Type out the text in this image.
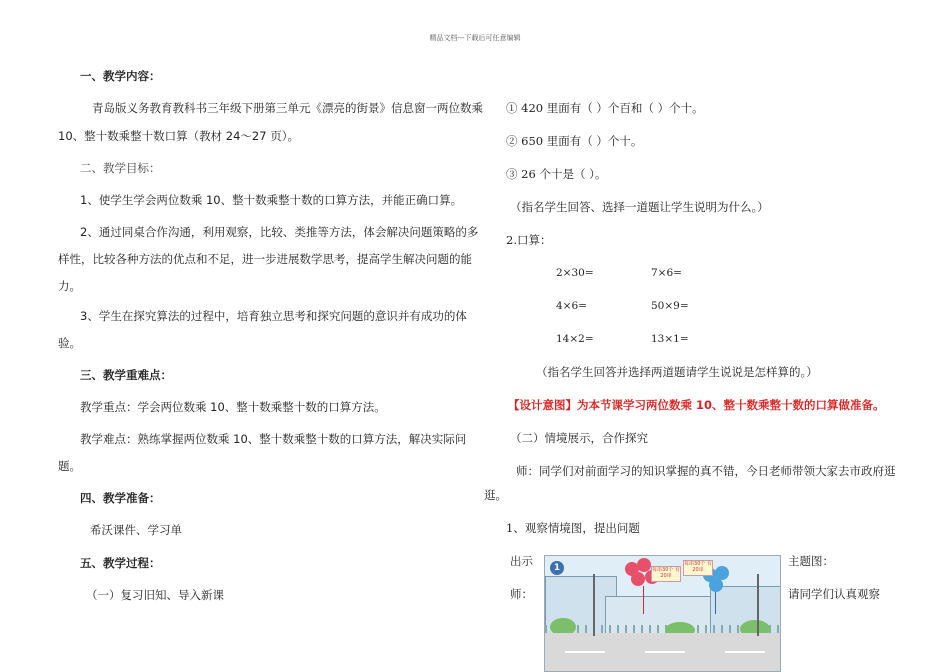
精品文档---下载后可任意编辑
一、教学内容：
青岛版义务教育教科书三年级下册第三单元《漂亮的街景》信息窗一两位数乘
10、整十数乘整十数口算（教材 24～27 页）。
二、教学目标：
1、使学生学会两位数乘 10、整十数乘整十数的口算方法，并能正确口算。
2、通过同桌合作沟通，利用观察，比较、类推等方法，体会解决问题策略的多
样性，比较各种方法的优点和不足，进一步进展数学思考，提高学生解决问题的能
力。
3、学生在探究算法的过程中，培育独立思考和探究问题的意识并有成功的体
验。
三、教学重难点：
教学重点：学会两位数乘 10、整十数乘整十数的口算方法。
教学难点：熟练掌握两位数乘 10、整十数乘整十数的口算方法，解决实际问
题。
四、教学准备：
希沃课件、学习单
五、教学过程：
（一）复习旧知、导入新课
① 420 里面有（ ）个百和（ ）个十。
② 650 里面有（ ）个十。
③ 26 个十是（ ）。
（指名学生回答、选择一道题让学生说明为什么。）
2.口算：
2×30=	7×6=
4×6=	50×9=
14×2=	13×1=
（指名学生回答并选择两道题请学生说说是怎样算的。）
【设计意图】为本节课学习两位数乘 10、整十数乘整十数的口算做准备。
（二）情境展示，合作探究
师：同学们对前面学习的知识掌握的真不错，今日老师带领大家去市政府逛
逛。
1、观察情境图，提出问题
出示
师：
主题图：
请同学们认真观察
每串30个 有20串
每串30个 有20串
1
